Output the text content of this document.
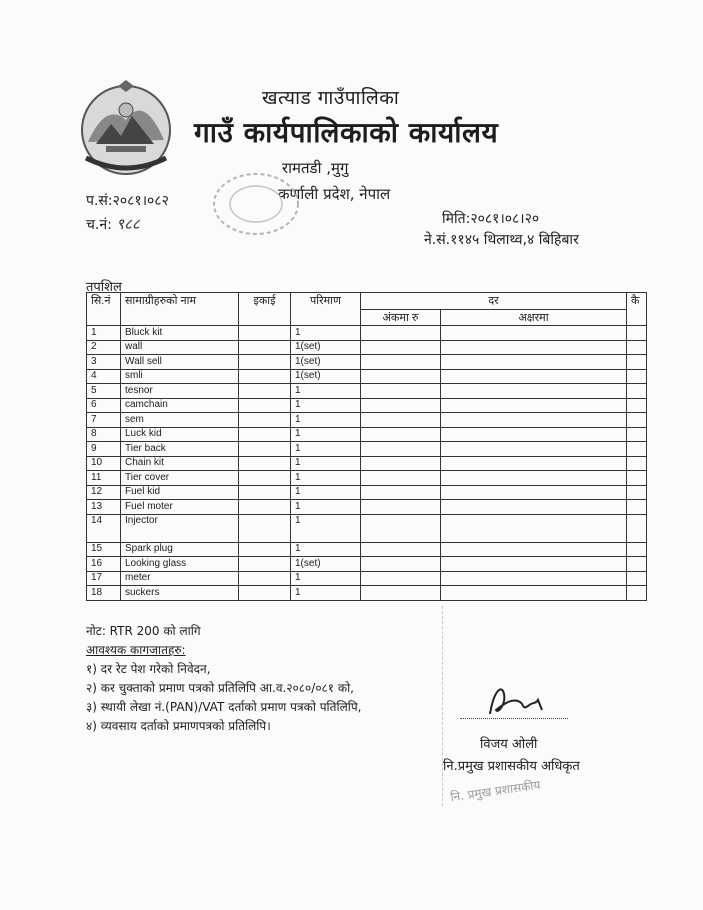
खत्याड गाउँपालिका
गाउँ कार्यपालिकाको कार्यालय
रामतडी ,मुगु
कर्णाली प्रदेश, नेपाल
प.सं:२०८१।०८२
च.नं: ९८८	मिति:२०८१।०८।२०
ने.सं.११४५ थिलाथ्व,४ बिहिबार
तपशिल
सि.नं	सामाग्रीहरुको नाम	इकाई	परिमाण	दर		कै
				अंकमा रु	अक्षरमा	
1	Bluck kit		1			
2	wall		1(set)			
3	Wall sell		1(set)			
4	smli		1(set)			
5	tesnor		1			
6	camchain		1			
7	sem		1			
8	Luck kid		1			
9	Tier back		1			
10	Chain kit		1			
11	Tier cover		1			
12	Fuel kid		1			
13	Fuel moter		1			
14	Injector		1			
15	Spark plug		1			
16	Looking glass		1(set)			
17	meter		1			
18	suckers		1			
नोट: RTR 200 को लागि
आवश्यक कागजातहरु:
१) दर रेट पेश गरेको निवेदन,
२) कर चुक्ताको प्रमाण पत्रको प्रतिलिपि आ.व.२०८०/०८१ को,
३) स्थायी लेखा नं.(PAN)/VAT दर्ताको प्रमाण पत्रको पतिलिपि,
४) व्यवसाय दर्ताको प्रमाणपत्रको प्रतिलिपि।
विजय ओली
नि.प्रमुख प्रशासकीय अधिकृत
नि. प्रमुख प्रशासकीय
